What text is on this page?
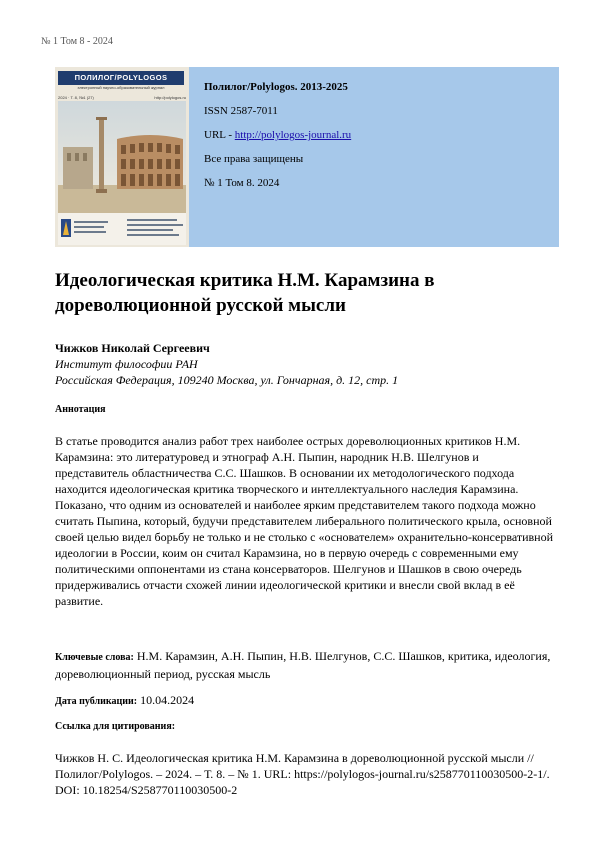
№ 1 Том 8 - 2024
ПОЛИЛОГ/POLYLOGOS
электронный научно-образовательный журнал
2024 · Т. 8, №1 (27)	http://polylogos.ru
Полилог/Polylogos. 2013-2025
ISSN 2587-7011
URL - http://polylogos-journal.ru
Все права защищены
№ 1 Том 8. 2024
Идеологическая критика Н.М. Карамзина в дореволюционной русской мысли
Чижков Николай Сергеевич
Институт философии РАН
Российская Федерация, 109240 Москва, ул. Гончарная, д. 12, стр. 1
Аннотация
В статье проводится анализ работ трех наиболее острых дореволюционных критиков Н.М. Карамзина: это литературовед и этнограф А.Н. Пыпин, народник Н.В. Шелгунов и представитель областничества С.С. Шашков. В основании их методологического подхода находится идеологическая критика творческого и интеллектуального наследия Карамзина. Показано, что одним из основателей и наиболее ярким представителем такого подхода можно считать Пыпина, который, будучи представителем либерального политического крыла, основной своей целью видел борьбу не только и не столько с «основателем» охранительно-консервативной идеологии в России, коим он считал Карамзина, но в первую очередь с современными ему политическими оппонентами из стана консерваторов. Шелгунов и Шашков в свою очередь придерживались отчасти схожей линии идеологической критики и внесли свой вклад в её развитие.
Ключевые слова: Н.М. Карамзин, А.Н. Пыпин, Н.В. Шелгунов, С.С. Шашков, критика, идеология, дореволюционный период, русская мысль
Дата публикации: 10.04.2024
Ссылка для цитирования:
Чижков Н. С. Идеологическая критика Н.М. Карамзина в дореволюционной русской мысли // Полилог/Polylogos. – 2024. – Т. 8. – № 1. URL: https://polylogos-journal.ru/s258770110030500-2-1/. DOI: 10.18254/S258770110030500-2
